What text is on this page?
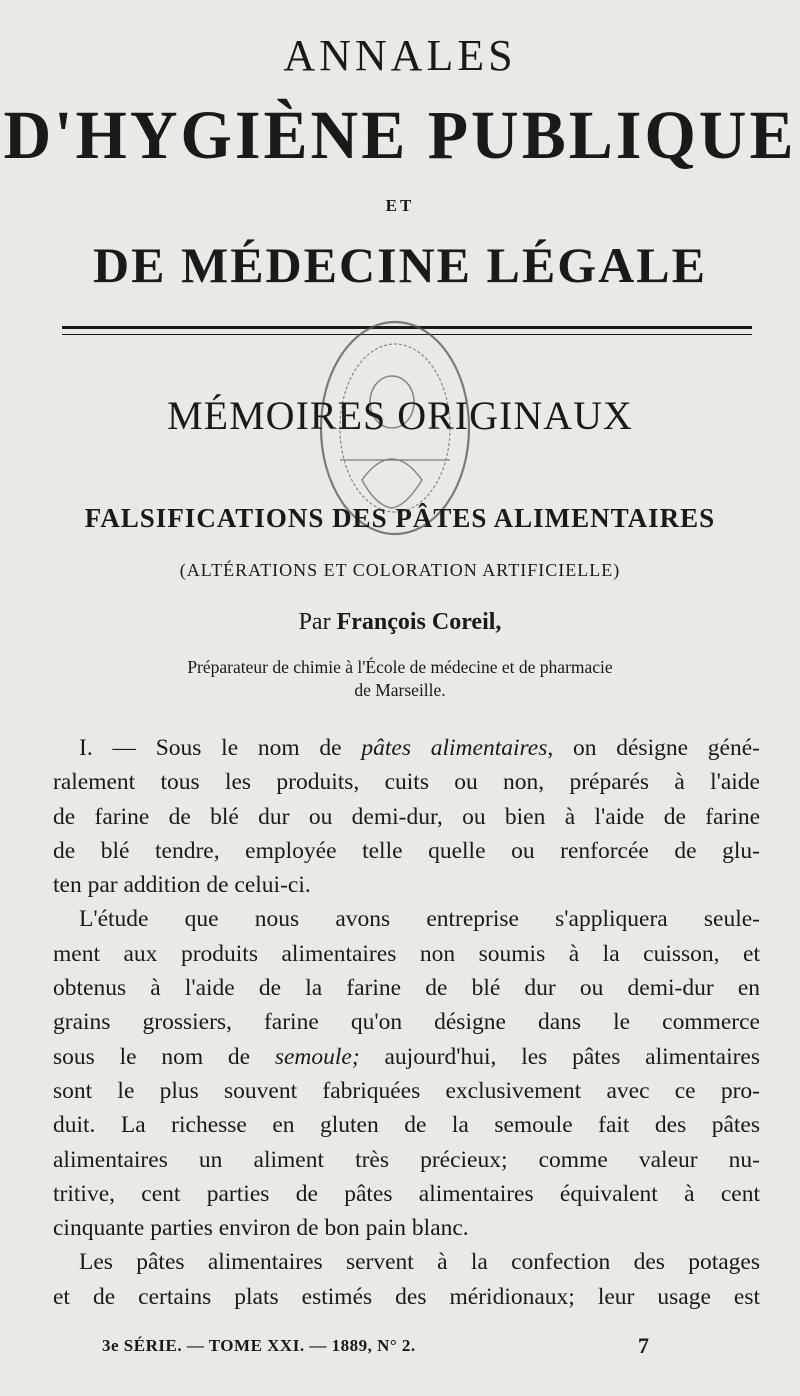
ANNALES
D'HYGIÈNE PUBLIQUE
ET
DE MÉDECINE LÉGALE
MÉMOIRES ORIGINAUX
FALSIFICATIONS DES PÂTES ALIMENTAIRES
(ALTÉRATIONS ET COLORATION ARTIFICIELLE)
Par François Coreil,
Préparateur de chimie à l'École de médecine et de pharmacie
de Marseille.
I. — Sous le nom de pâtes alimentaires, on désigne géné-
ralement tous les produits, cuits ou non, préparés à l'aide
de farine de blé dur ou demi-dur, ou bien à l'aide de farine
de blé tendre, employée telle quelle ou renforcée de glu-
ten par addition de celui-ci.
L'étude que nous avons entreprise s'appliquera seule-
ment aux produits alimentaires non soumis à la cuisson, et
obtenus à l'aide de la farine de blé dur ou demi-dur en
grains grossiers, farine qu'on désigne dans le commerce
sous le nom de semoule; aujourd'hui, les pâtes alimentaires
sont le plus souvent fabriquées exclusivement avec ce pro-
duit. La richesse en gluten de la semoule fait des pâtes
alimentaires un aliment très précieux; comme valeur nu-
tritive, cent parties de pâtes alimentaires équivalent à cent
cinquante parties environ de bon pain blanc.
Les pâtes alimentaires servent à la confection des potages
et de certains plats estimés des méridionaux; leur usage est
3e SÉRIE. — TOME XXI. — 1889, N° 2.	7
